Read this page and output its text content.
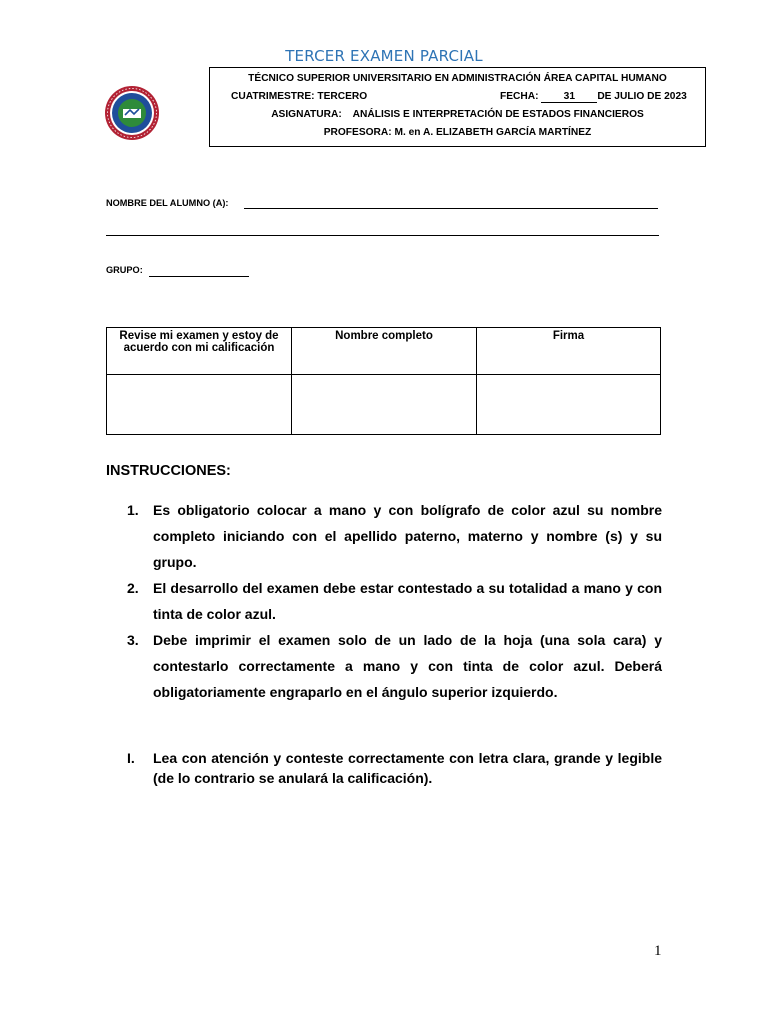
TERCER EXAMEN PARCIAL
TÉCNICO SUPERIOR UNIVERSITARIO EN ADMINISTRACIÓN ÁREA CAPITAL HUMANO
CUATRIMESTRE: TERCERO	FECHA: 31 DE JULIO DE 2023
ASIGNATURA:    ANÁLISIS E INTERPRETACIÓN DE ESTADOS FINANCIEROS
PROFESORA: M. en A. ELIZABETH GARCÍA MARTÍNEZ
NOMBRE DEL ALUMNO (A):
GRUPO:
Revise mi examen y estoy de acuerdo con mi calificación	Nombre completo	Firma

INSTRUCCIONES:
1. Es obligatorio colocar a mano y con bolígrafo de color azul su nombre completo iniciando con el apellido paterno, materno y nombre (s) y su grupo.
2. El desarrollo del examen debe estar contestado a su totalidad a mano y con tinta de color azul.
3. Debe imprimir el examen solo de un lado de la hoja (una sola cara) y contestarlo correctamente a mano y con tinta de color azul. Deberá obligatoriamente engraparlo en el ángulo superior izquierdo.
I.	Lea con atención y conteste correctamente con letra clara, grande y legible (de lo contrario se anulará la calificación).
1
